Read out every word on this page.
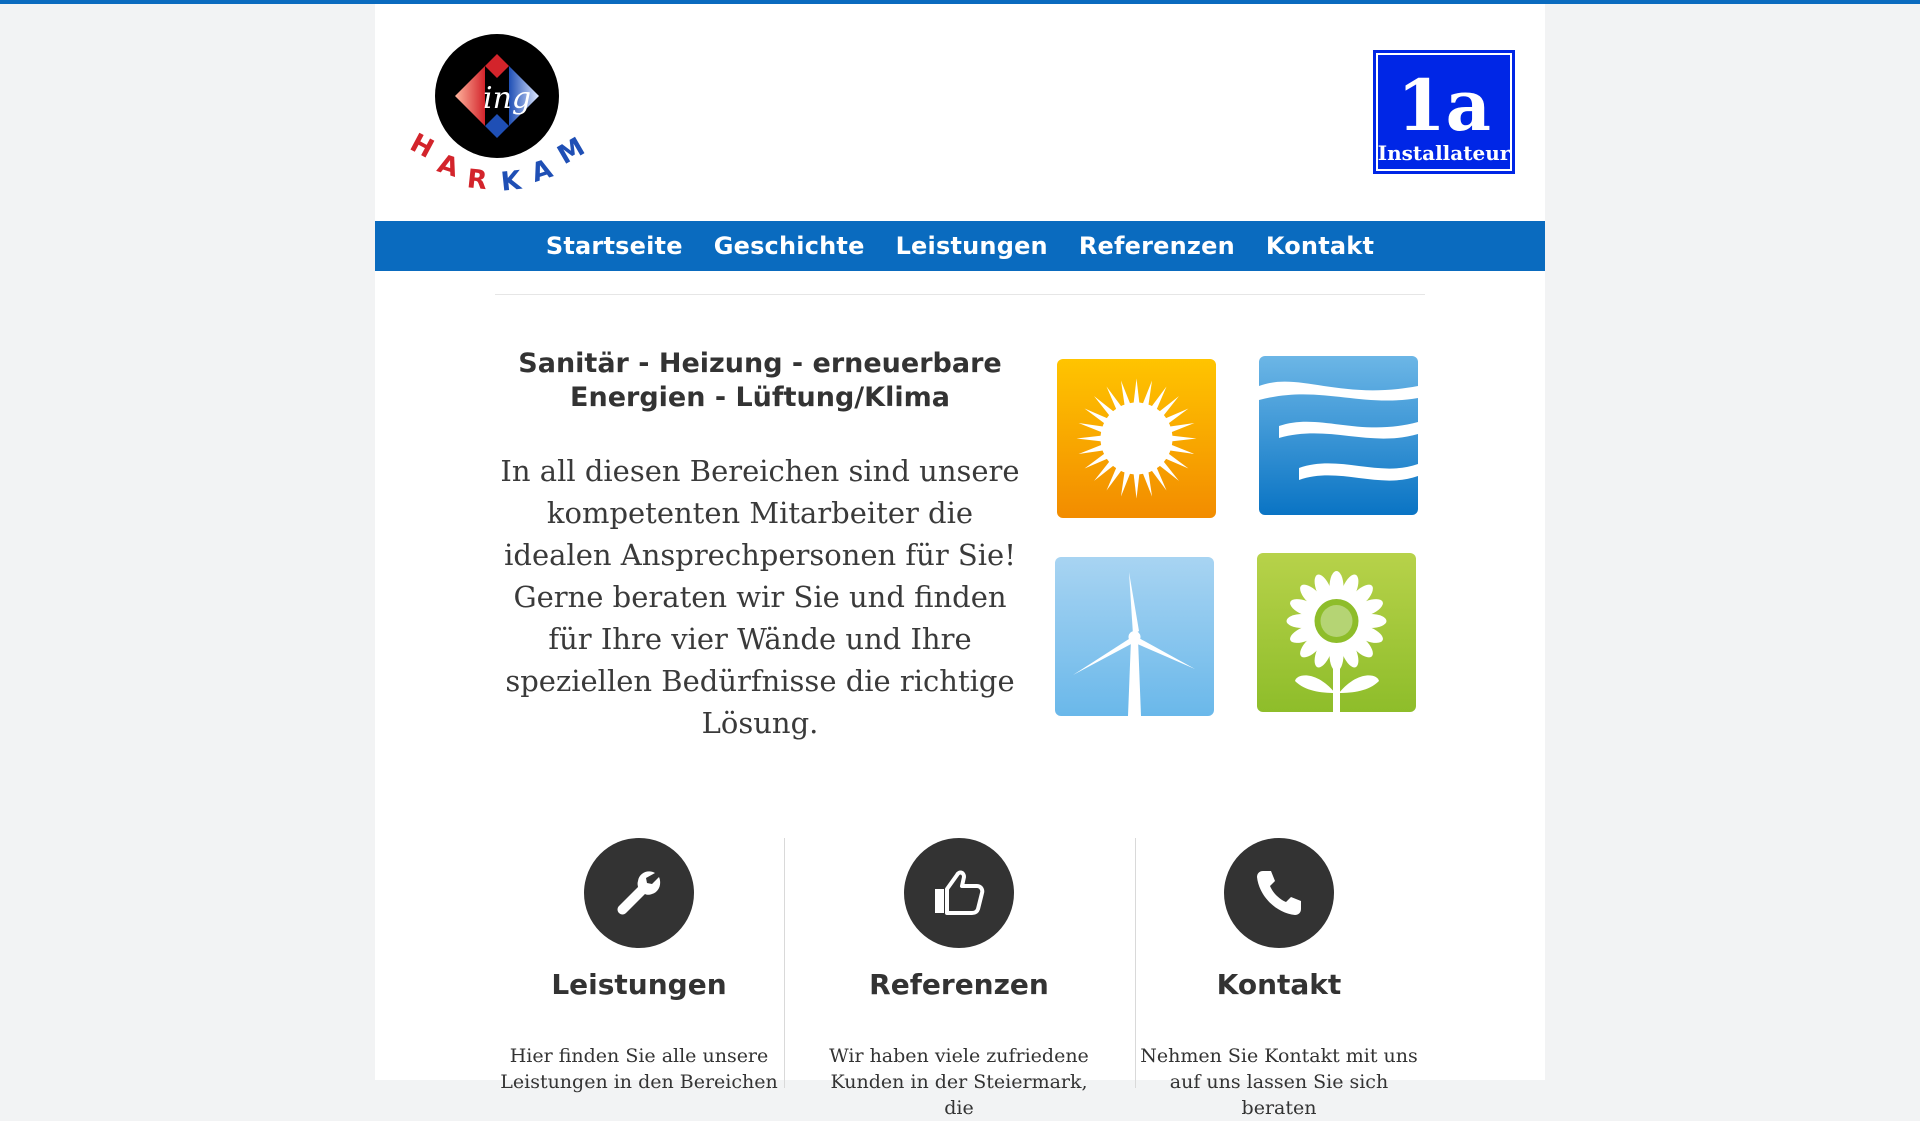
ing
H
A R K A
M
1a
Installateur
Startseite Geschichte Leistungen Referenzen Kontakt
Sanitär - Heizung - erneuerbare Energien - Lüftung/Klima
In all diesen Bereichen sind unsere kompetenten Mitarbeiter die idealen Ansprechpersonen für Sie! Gerne beraten wir Sie und finden für Ihre vier Wände und Ihre speziellen Bedürfnisse die richtige Lösung.
Leistungen

Hier finden Sie alle unsere Leistungen in den Bereichen

Referenzen

Wir haben viele zufriedene Kunden in der Steiermark, die

Kontakt

Nehmen Sie Kontakt mit uns auf uns lassen Sie sich beraten
